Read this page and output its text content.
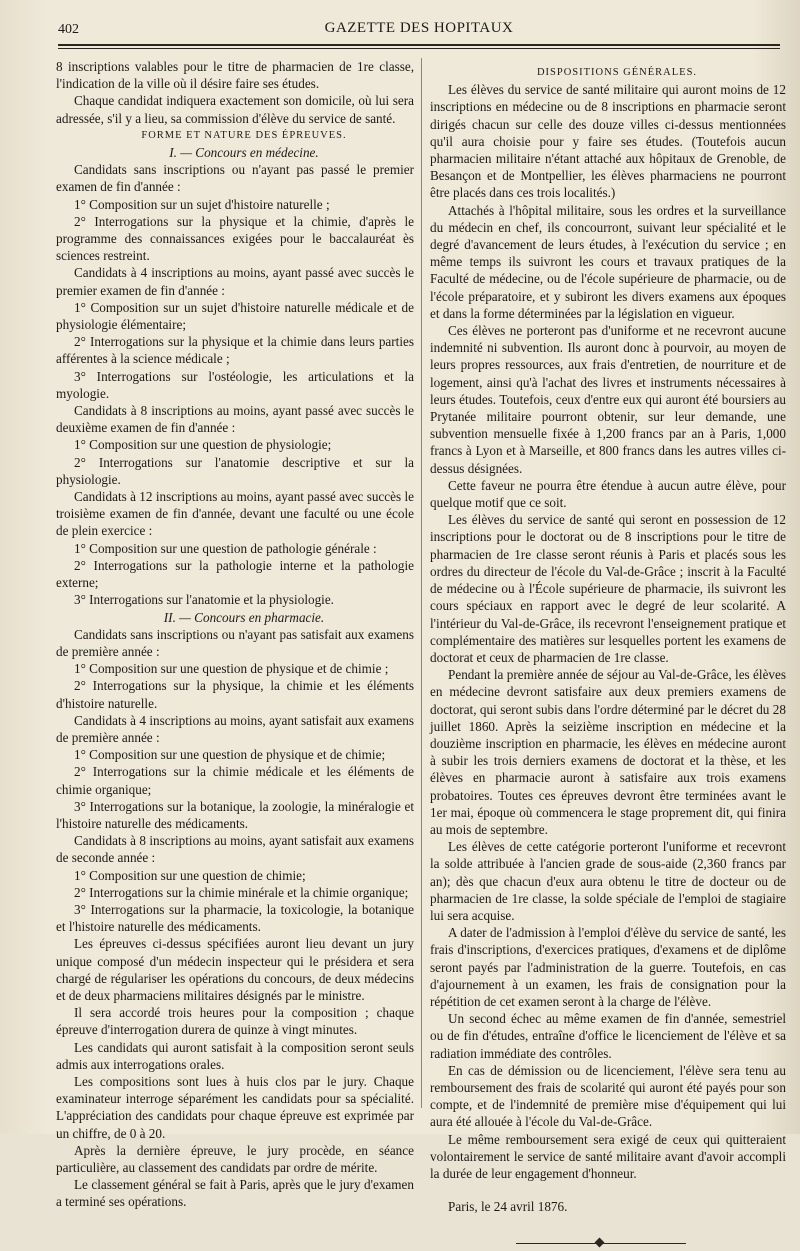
402	GAZETTE DES HOPITAUX

8 inscriptions valables pour le titre de pharmacien de 1re classe, l'indication de la ville où il désire faire ses études.

Chaque candidat indiquera exactement son domicile, où lui sera adressée, s'il y a lieu, sa commission d'élève du service de santé.

FORME ET NATURE DES ÉPREUVES.

I. — Concours en médecine.

Candidats sans inscriptions ou n'ayant pas passé le premier examen de fin d'année :

1° Composition sur un sujet d'histoire naturelle ;

2° Interrogations sur la physique et la chimie, d'après le programme des connaissances exigées pour le baccalauréat ès sciences restreint.

Candidats à 4 inscriptions au moins, ayant passé avec succès le premier examen de fin d'année :

1° Composition sur un sujet d'histoire naturelle médicale et de physiologie élémentaire;

2° Interrogations sur la physique et la chimie dans leurs parties afférentes à la science médicale ;

3° Interrogations sur l'ostéologie, les articulations et la myologie.

Candidats à 8 inscriptions au moins, ayant passé avec succès le deuxième examen de fin d'année :

1° Composition sur une question de physiologie;

2° Interrogations sur l'anatomie descriptive et sur la physiologie.

Candidats à 12 inscriptions au moins, ayant passé avec succès le troisième examen de fin d'année, devant une faculté ou une école de plein exercice :

1° Composition sur une question de pathologie générale :

2° Interrogations sur la pathologie interne et la pathologie externe;

3° Interrogations sur l'anatomie et la physiologie.

II. — Concours en pharmacie.

Candidats sans inscriptions ou n'ayant pas satisfait aux examens de première année :

1° Composition sur une question de physique et de chimie ;

2° Interrogations sur la physique, la chimie et les éléments d'histoire naturelle.

Candidats à 4 inscriptions au moins, ayant satisfait aux examens de première année :

1° Composition sur une question de physique et de chimie;

2° Interrogations sur la chimie médicale et les éléments de chimie organique;

3° Interrogations sur la botanique, la zoologie, la minéralogie et l'histoire naturelle des médicaments.

Candidats à 8 inscriptions au moins, ayant satisfait aux examens de seconde année :

1° Composition sur une question de chimie;

2° Interrogations sur la chimie minérale et la chimie organique;

3° Interrogations sur la pharmacie, la toxicologie, la botanique et l'histoire naturelle des médicaments.

Les épreuves ci-dessus spécifiées auront lieu devant un jury unique composé d'un médecin inspecteur qui le présidera et sera chargé de régulariser les opérations du concours, de deux médecins et de deux pharmaciens militaires désignés par le ministre.

Il sera accordé trois heures pour la composition ; chaque épreuve d'interrogation durera de quinze à vingt minutes.

Les candidats qui auront satisfait à la composition seront seuls admis aux interrogations orales.

Les compositions sont lues à huis clos par le jury. Chaque examinateur interroge séparément les candidats pour sa spécialité. L'appréciation des candidats pour chaque épreuve est exprimée par un chiffre, de 0 à 20.

Après la dernière épreuve, le jury procède, en séance particulière, au classement des candidats par ordre de mérite.

Le classement général se fait à Paris, après que le jury d'examen a terminé ses opérations.

DISPOSITIONS GÉNÉRALES.

Les élèves du service de santé militaire qui auront moins de 12 inscriptions en médecine ou de 8 inscriptions en pharmacie seront dirigés chacun sur celle des douze villes ci-dessus mentionnées qu'il aura choisie pour y faire ses études. (Toutefois aucun pharmacien militaire n'étant attaché aux hôpitaux de Grenoble, de Besançon et de Montpellier, les élèves pharmaciens ne pourront être placés dans ces trois localités.)

Attachés à l'hôpital militaire, sous les ordres et la surveillance du médecin en chef, ils concourront, suivant leur spécialité et le degré d'avancement de leurs études, à l'exécution du service ; en même temps ils suivront les cours et travaux pratiques de la Faculté de médecine, ou de l'école supérieure de pharmacie, ou de l'école préparatoire, et y subiront les divers examens aux époques et dans la forme déterminées par la législation en vigueur.

Ces élèves ne porteront pas d'uniforme et ne recevront aucune indemnité ni subvention. Ils auront donc à pourvoir, au moyen de leurs propres ressources, aux frais d'entretien, de nourriture et de logement, ainsi qu'à l'achat des livres et instruments nécessaires à leurs études. Toutefois, ceux d'entre eux qui auront été boursiers au Prytanée militaire pourront obtenir, sur leur demande, une subvention mensuelle fixée à 1,200 francs par an à Paris, 1,000 francs à Lyon et à Marseille, et 800 francs dans les autres villes ci-dessus désignées.

Cette faveur ne pourra être étendue à aucun autre élève, pour quelque motif que ce soit.

Les élèves du service de santé qui seront en possession de 12 inscriptions pour le doctorat ou de 8 inscriptions pour le titre de pharmacien de 1re classe seront réunis à Paris et placés sous les ordres du directeur de l'école du Val-de-Grâce ; inscrit à la Faculté de médecine ou à l'École supérieure de pharmacie, ils suivront les cours spéciaux en rapport avec le degré de leur scolarité. A l'intérieur du Val-de-Grâce, ils recevront l'enseignement pratique et complémentaire des matières sur lesquelles portent les examens de doctorat et ceux de pharmacien de 1re classe.

Pendant la première année de séjour au Val-de-Grâce, les élèves en médecine devront satisfaire aux deux premiers examens de doctorat, qui seront subis dans l'ordre déterminé par le décret du 28 juillet 1860. Après la seizième inscription en médecine et la douzième inscription en pharmacie, les élèves en médecine auront à subir les trois derniers examens de doctorat et la thèse, et les élèves en pharmacie auront à satisfaire aux trois examens probatoires. Toutes ces épreuves devront être terminées avant le 1er mai, époque où commencera le stage proprement dit, qui finira au mois de septembre.

Les élèves de cette catégorie porteront l'uniforme et recevront la solde attribuée à l'ancien grade de sous-aide (2,360 francs par an); dès que chacun d'eux aura obtenu le titre de docteur ou de pharmacien de 1re classe, la solde spéciale de l'emploi de stagiaire lui sera acquise.

A dater de l'admission à l'emploi d'élève du service de santé, les frais d'inscriptions, d'exercices pratiques, d'examens et de diplôme seront payés par l'administration de la guerre. Toutefois, en cas d'ajournement à un examen, les frais de consignation pour la répétition de cet examen seront à la charge de l'élève.

Un second échec au même examen de fin d'année, semestriel ou de fin d'études, entraîne d'office le licenciement de l'élève et sa radiation immédiate des contrôles.

En cas de démission ou de licenciement, l'élève sera tenu au remboursement des frais de scolarité qui auront été payés pour son compte, et de l'indemnité de première mise d'équipement qui lui aura été allouée à l'école du Val-de-Grâce.

Le même remboursement sera exigé de ceux qui quitteraient volontairement le service de santé militaire avant d'avoir accompli la durée de leur engagement d'honneur.

Paris, le 24 avril 1876.
